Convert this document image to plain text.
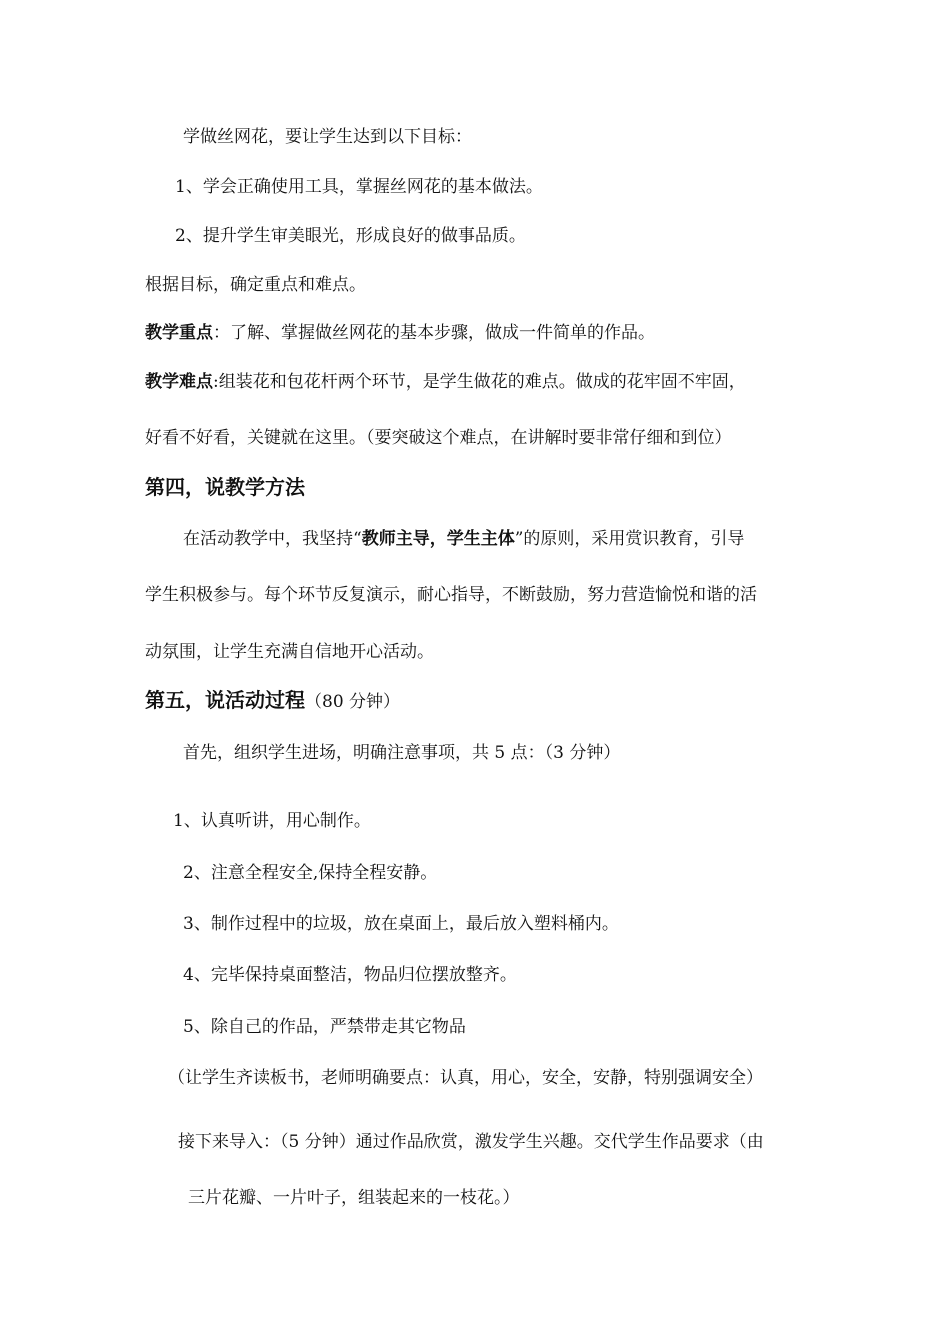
学做丝网花，要让学生达到以下目标：
1、学会正确使用工具，掌握丝网花的基本做法。
2、提升学生审美眼光，形成良好的做事品质。
根据目标，确定重点和难点。
教学重点：了解、掌握做丝网花的基本步骤，做成一件简单的作品。
教学难点:组装花和包花杆两个环节，是学生做花的难点。做成的花牢固不牢固，
好看不好看，关键就在这里。（要突破这个难点，在讲解时要非常仔细和到位）
第四，说教学方法
在活动教学中，我坚持“教师主导，学生主体”的原则，采用赏识教育，引导
学生积极参与。每个环节反复演示，耐心指导，不断鼓励，努力营造愉悦和谐的活
动氛围，让学生充满自信地开心活动。
第五，说活动过程（80 分钟）
首先，组织学生进场，明确注意事项，共 5 点：（3 分钟）
1、认真听讲，用心制作。
2、注意全程安全,保持全程安静。
3、制作过程中的垃圾，放在桌面上，最后放入塑料桶内。
4、完毕保持桌面整洁，物品归位摆放整齐。
5、除自己的作品，严禁带走其它物品
（让学生齐读板书，老师明确要点：认真，用心，安全，安静，特别强调安全）
接下来导入：（5 分钟）通过作品欣赏，激发学生兴趣。交代学生作品要求（由
三片花瓣、一片叶子，组装起来的一枝花。）
